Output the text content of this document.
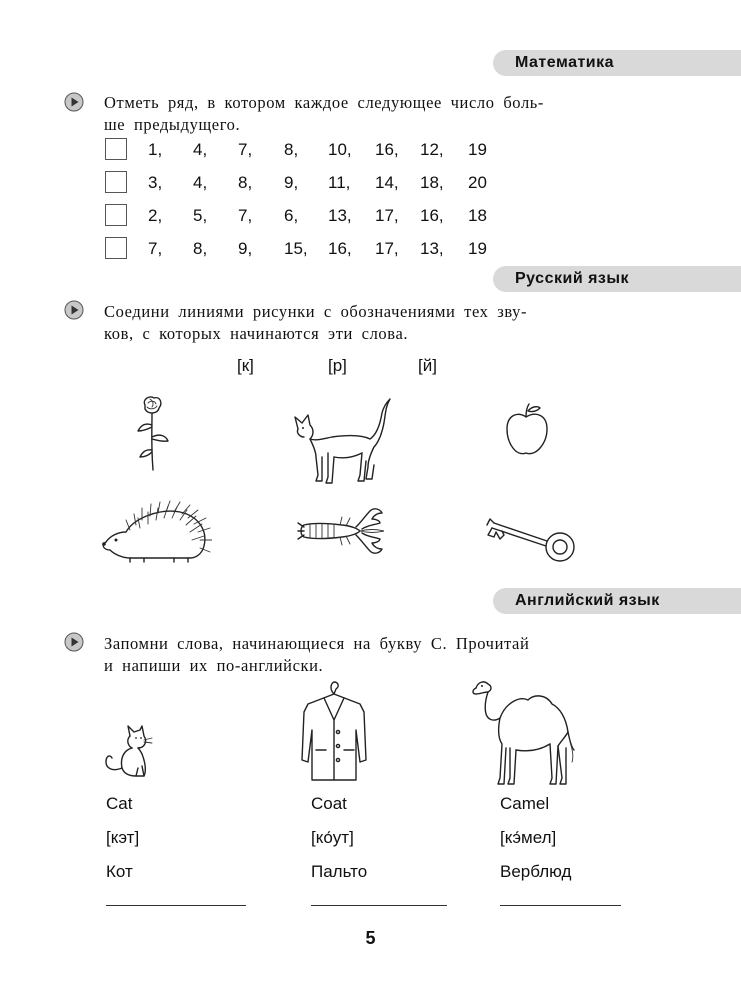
Математика
Отметь ряд, в котором каждое следующее число боль-
ше предыдущего.
1, 4, 7, 8, 10, 16, 12, 19
3, 4, 8, 9, 11, 14, 18, 20
2, 5, 7, 6, 13, 17, 16, 18
7, 8, 9, 15, 16, 17, 13, 19
Русский язык
Соедини линиями рисунки с обозначениями тех зву-
ков, с которых начинаются эти слова.
[к]	[р]	[й]
Английский язык
Запомни слова, начинающиеся на букву С. Прочитай
и напиши их по-английски.
Cat
[кэт]
Кот
Coat
[ко́ут]
Пальто
Camel
[кэ́мел]
Верблюд
5
